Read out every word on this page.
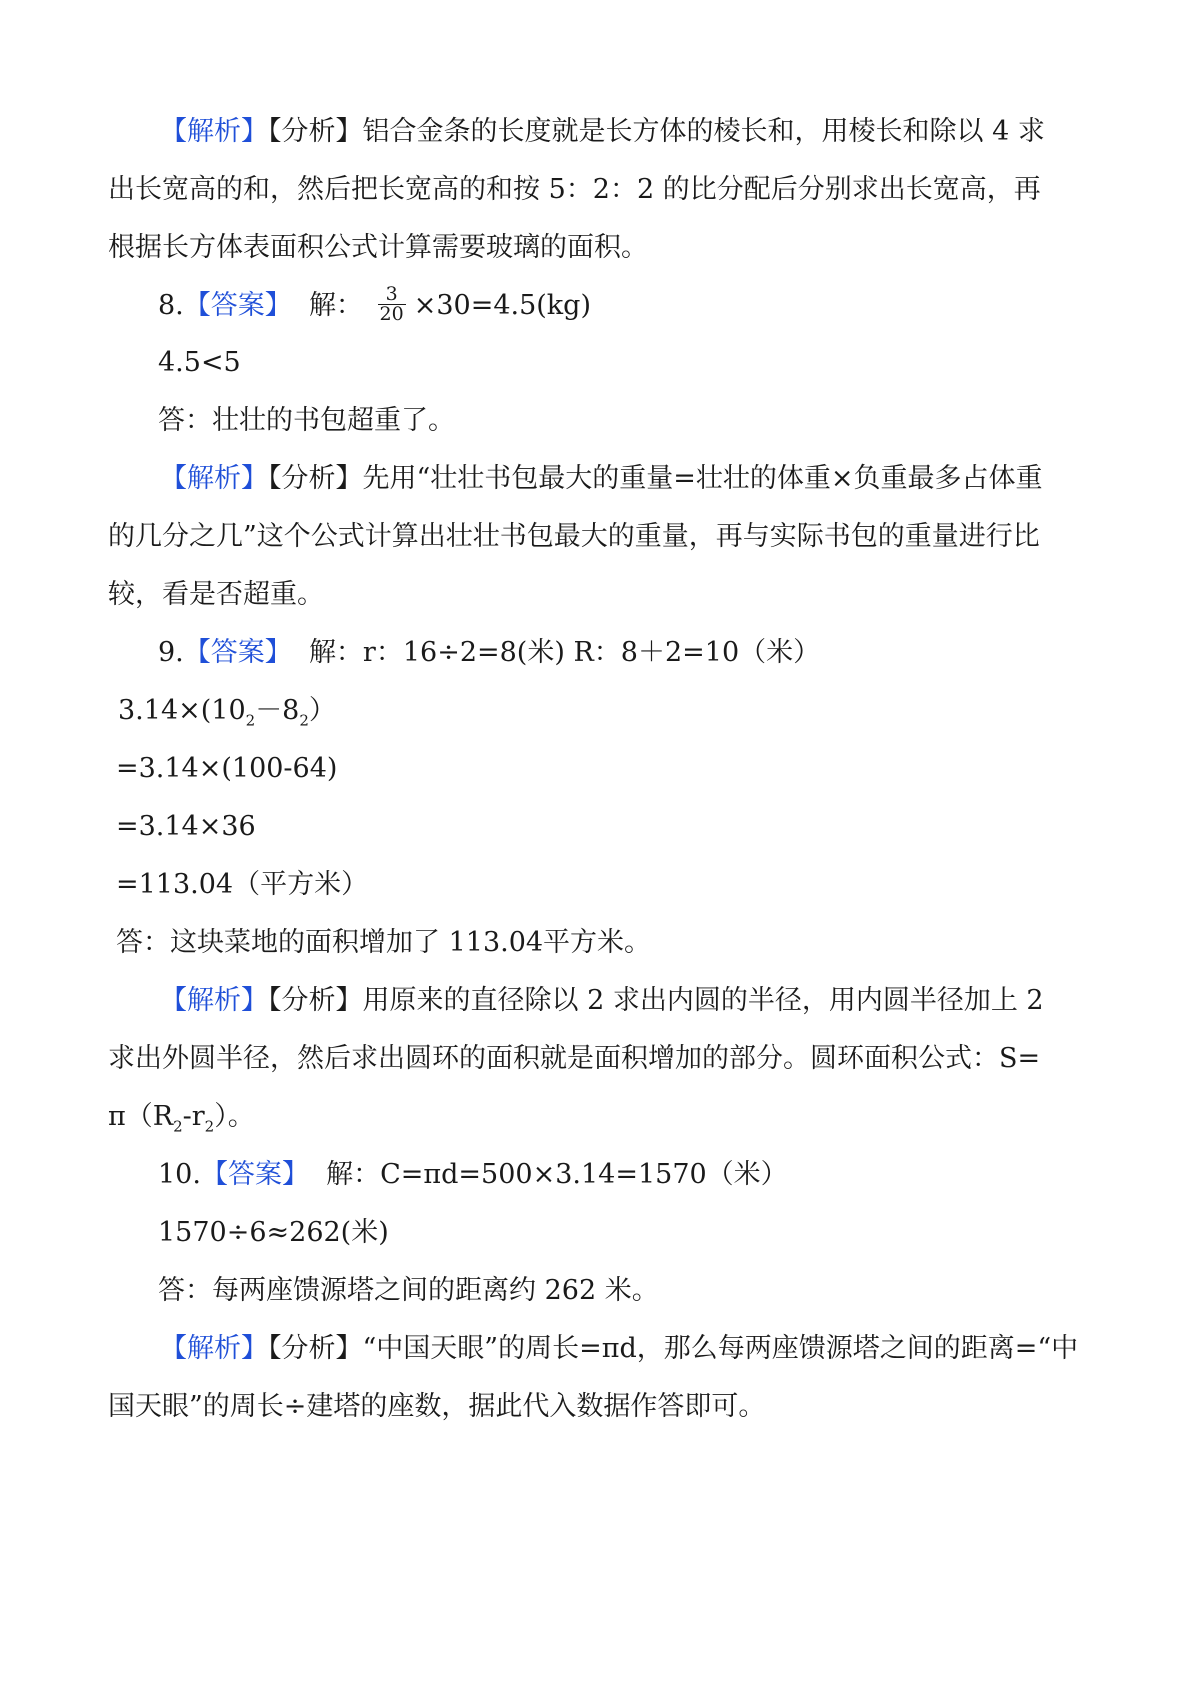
【解析】【分析】铝合金条的长度就是长方体的棱长和，用棱长和除以 4 求
出长宽高的和，然后把长宽高的和按 5：2：2 的比分配后分别求出长宽高，再
根据长方体表面积公式计算需要玻璃的面积。
8.【答案】 解： $\frac{3}{20} \times 30=4.5(kg)$
4.5<5
答：壮壮的书包超重了。
【解析】【分析】先用“壮壮书包最大的重量=壮壮的体重×负重最多占体重
的几分之几”这个公式计算出壮壮书包最大的重量，再与实际书包的重量进行比
较，看是否超重。
9.【答案】 解：r：16÷2=8(米) R：8＋2=10（米）
$3.14\times(10_2-8_2)$
=3.14×(100-64)
=3.14×36
=113.04（平方米）
答：这块菜地的面积增加了 113.04平方米。
【解析】【分析】用原来的直径除以 2 求出内圆的半径，用内圆半径加上 2
求出外圆半径，然后求出圆环的面积就是面积增加的部分。圆环面积公式：S=
$\pi(R_2-r_2)$。
10.【答案】 解：C=πd=500×3.14=1570（米）
1570÷6≈262(米)
答：每两座馈源塔之间的距离约 262 米。
【解析】【分析】“中国天眼”的周长=πd，那么每两座馈源塔之间的距离=“中
国天眼”的周长÷建塔的座数，据此代入数据作答即可。
